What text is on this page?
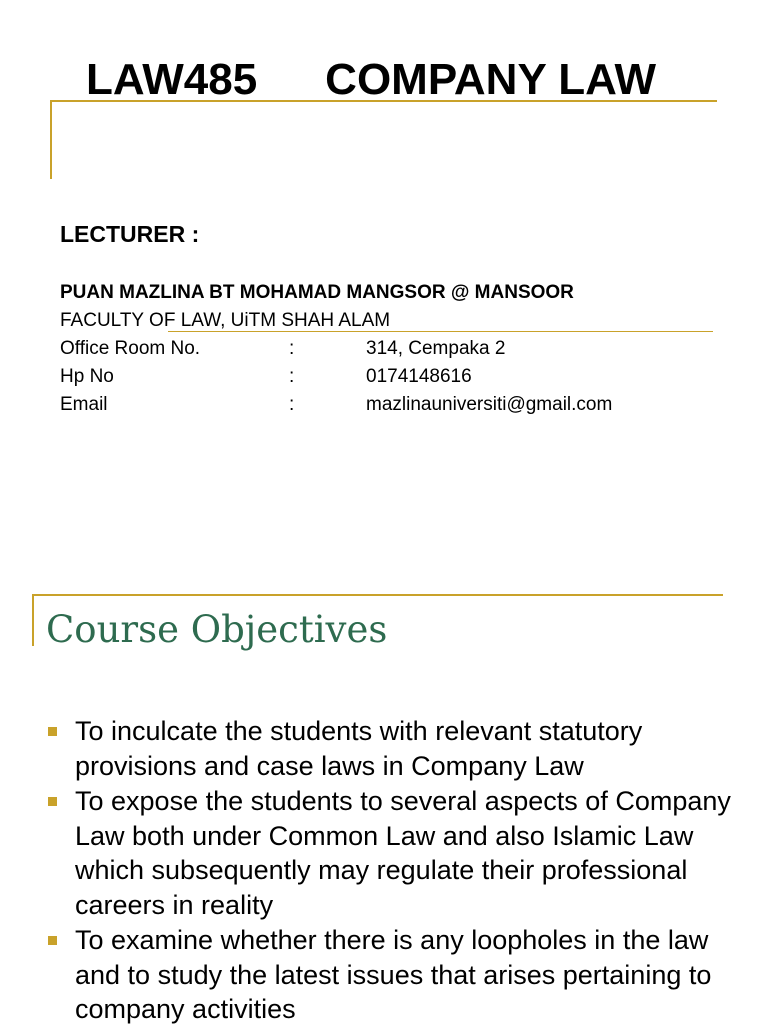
LAW485 COMPANY LAW
LECTURER :
PUAN MAZLINA BT MOHAMAD MANGSOR @ MANSOOR
FACULTY OF LAW, UiTM SHAH ALAM
Office Room No.	:	314, Cempaka 2
Hp No	:	0174148616
Email	:	mazlinauniversiti@gmail.com
Course Objectives
To inculcate the students with relevant statutory provisions and case laws in Company Law
To expose the students to several aspects of Company Law both under Common Law and also Islamic Law which subsequently may regulate their professional careers in reality
To examine whether there is any loopholes in the law and to study the latest issues that arises pertaining to company activities
